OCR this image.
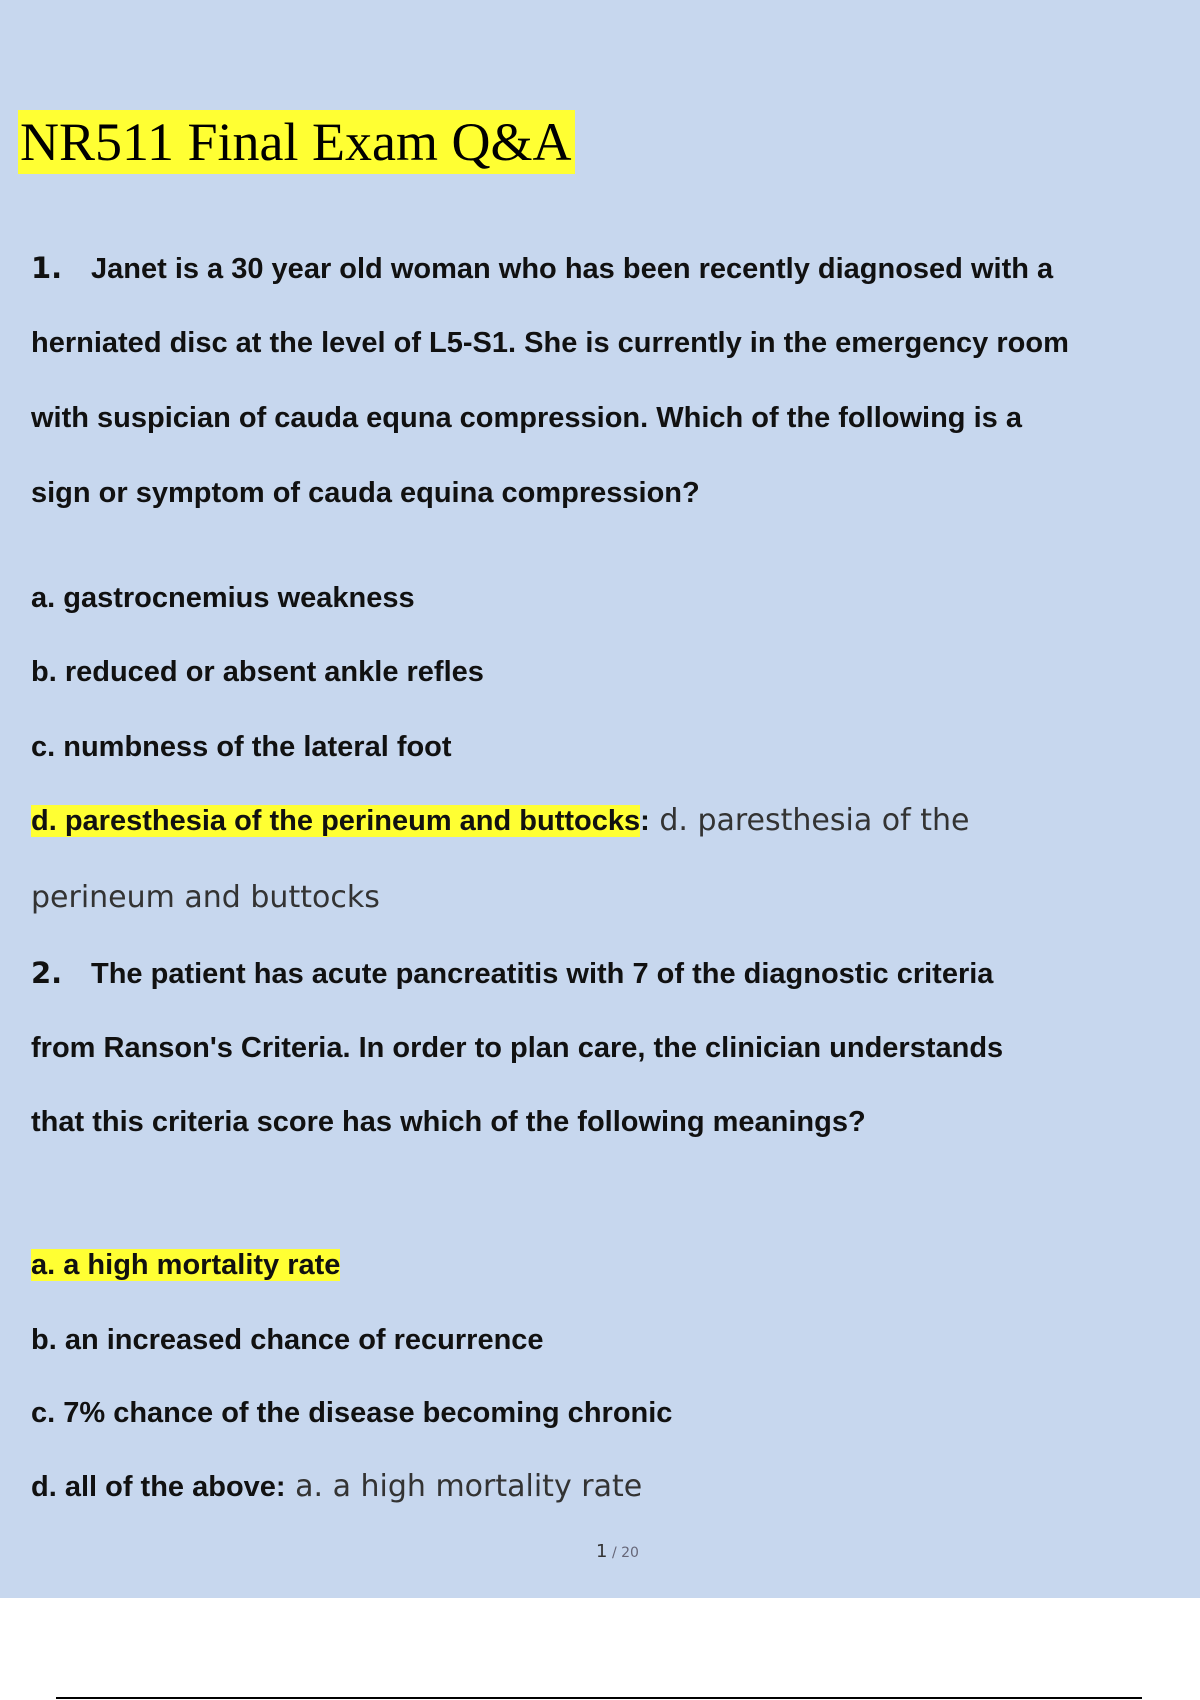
NR511 Final Exam Q&A
1. Janet is a 30 year old woman who has been recently diagnosed with a
herniated disc at the level of L5-S1. She is currently in the emergency room
with suspician of cauda equna compression. Which of the following is a
sign or symptom of cauda equina compression?
a. gastrocnemius weakness
b. reduced or absent ankle refles
c. numbness of the lateral foot
d. paresthesia of the perineum and buttocks: d. paresthesia of the
perineum and buttocks
2. The patient has acute pancreatitis with 7 of the diagnostic criteria
from Ranson's Criteria. In order to plan care, the clinician understands
that this criteria score has which of the following meanings?
a. a high mortality rate
b. an increased chance of recurrence
c. 7% chance of the disease becoming chronic
d. all of the above: a. a high mortality rate
1 / 20
